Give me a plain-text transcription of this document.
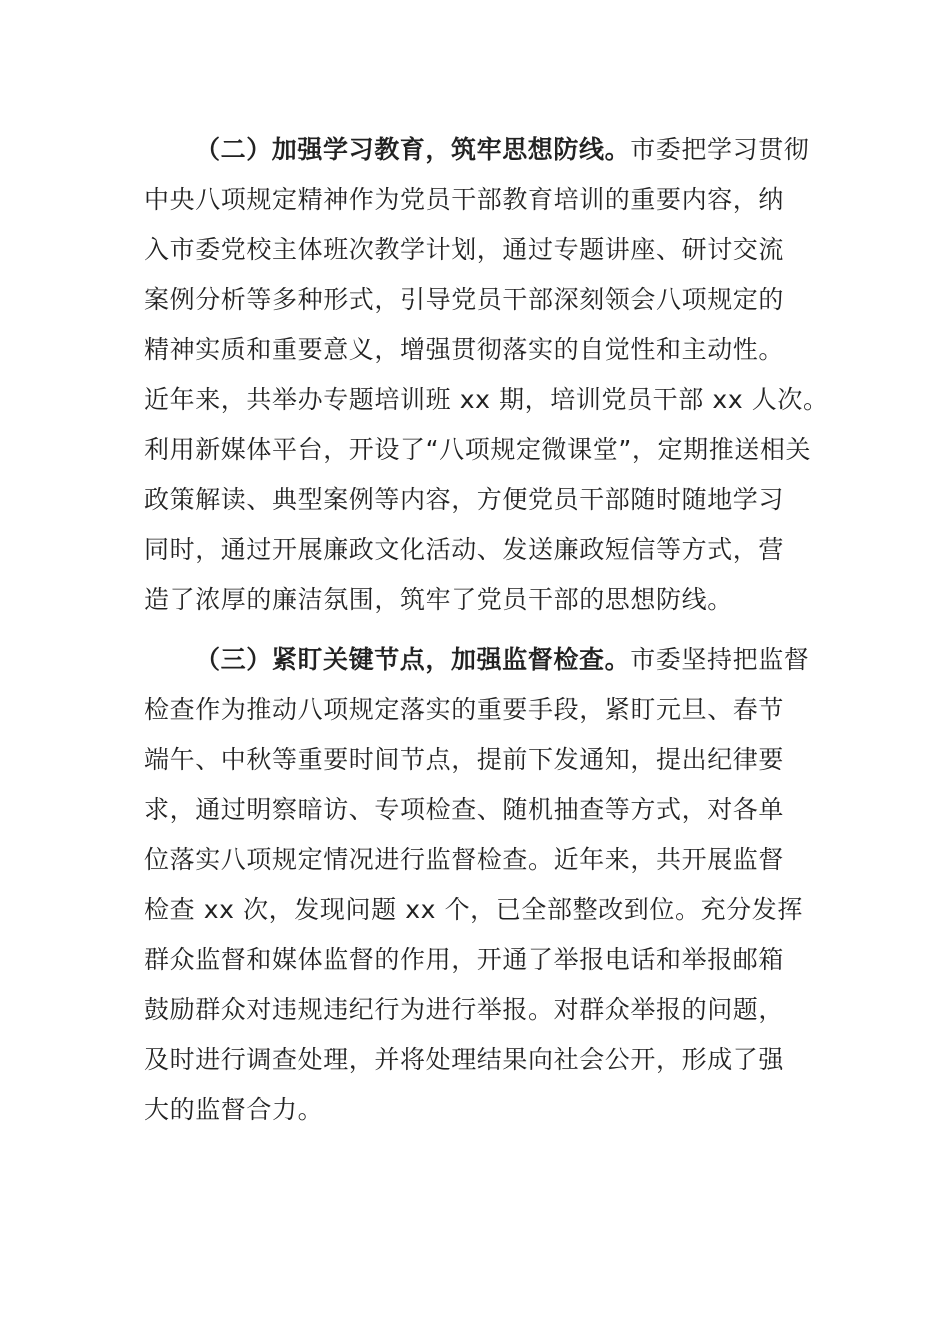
（二）加强学习教育，筑牢思想防线。市委把学习贯彻
中央八项规定精神作为党员干部教育培训的重要内容，纳
入市委党校主体班次教学计划，通过专题讲座、研讨交流
案例分析等多种形式，引导党员干部深刻领会八项规定的
精神实质和重要意义，增强贯彻落实的自觉性和主动性。
近年来，共举办专题培训班 xx 期，培训党员干部 xx 人次。
利用新媒体平台，开设了“八项规定微课堂”，定期推送相关
政策解读、典型案例等内容，方便党员干部随时随地学习
同时，通过开展廉政文化活动、发送廉政短信等方式，营
造了浓厚的廉洁氛围，筑牢了党员干部的思想防线。
（三）紧盯关键节点，加强监督检查。市委坚持把监督
检查作为推动八项规定落实的重要手段，紧盯元旦、春节
端午、中秋等重要时间节点，提前下发通知，提出纪律要
求，通过明察暗访、专项检查、随机抽查等方式，对各单
位落实八项规定情况进行监督检查。近年来，共开展监督
检查 xx 次，发现问题 xx 个，已全部整改到位。充分发挥
群众监督和媒体监督的作用，开通了举报电话和举报邮箱
鼓励群众对违规违纪行为进行举报。对群众举报的问题，
及时进行调查处理，并将处理结果向社会公开，形成了强
大的监督合力。
